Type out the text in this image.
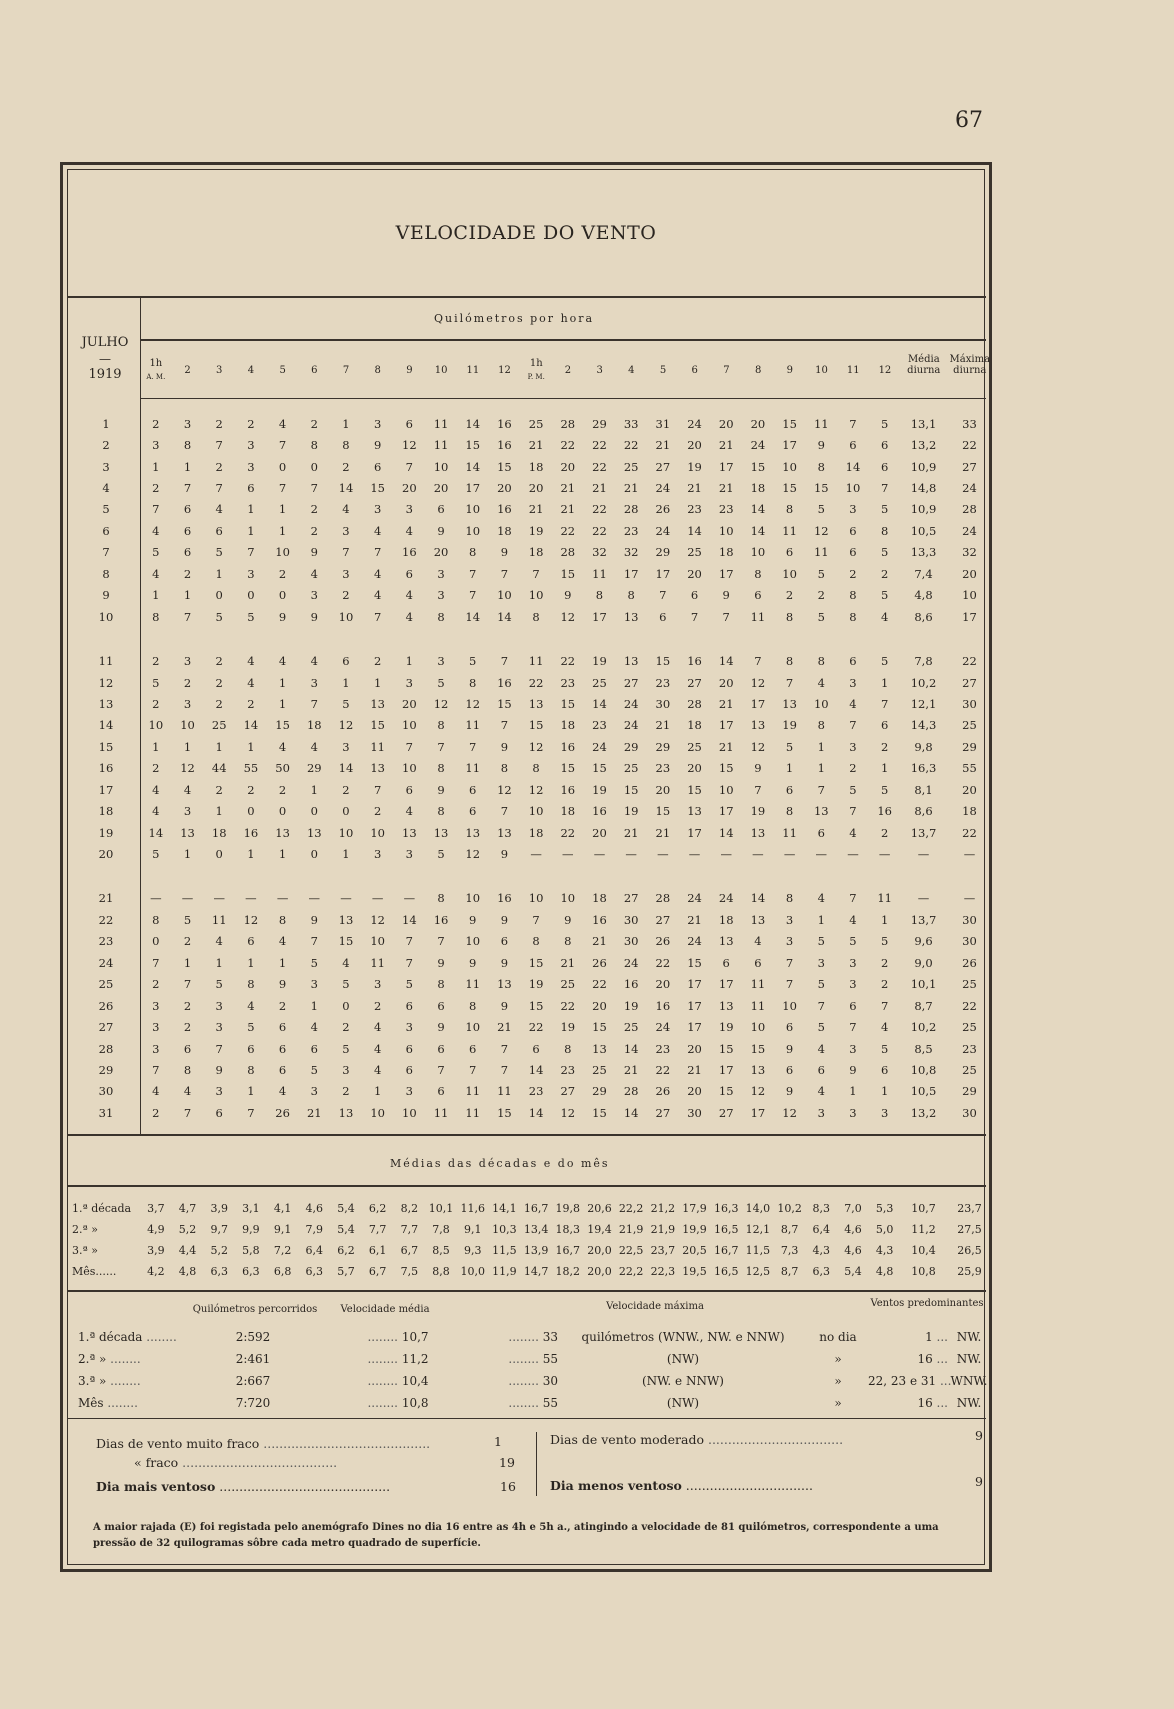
67
VELOCIDADE DO VENTO
JULHO
—
1919
Quilómetros por hora
1h
A. M.
2	3	4	5	6	7	8	9	10	11	12
1h
P. M.
2	3	4	5	6	7	8	9	10	11	12
Média diurna
Máxima diurna
1	2	3	2	2	4	2	1	3	6	11	14	16	25	28	29	33	31	24	20	20	15	11	7	5	13,1	33
2	3	8	7	3	7	8	8	9	12	11	15	16	21	22	22	22	21	20	21	24	17	9	6	6	13,2	22
3	1	1	2	3	0	0	2	6	7	10	14	15	18	20	22	25	27	19	17	15	10	8	14	6	10,9	27
4	2	7	7	6	7	7	14	15	20	20	17	20	20	21	21	21	24	21	21	18	15	15	10	7	14,8	24
5	7	6	4	1	1	2	4	3	3	6	10	16	21	21	22	28	26	23	23	14	8	5	3	5	10,9	28
6	4	6	6	1	1	2	3	4	4	9	10	18	19	22	22	23	24	14	10	14	11	12	6	8	10,5	24
7	5	6	5	7	10	9	7	7	16	20	8	9	18	28	32	32	29	25	18	10	6	11	6	5	13,3	32
8	4	2	1	3	2	4	3	4	6	3	7	7	7	15	11	17	17	20	17	8	10	5	2	2	7,4	20
9	1	1	0	0	0	3	2	4	4	3	7	10	10	9	8	8	7	6	9	6	2	2	8	5	4,8	10
10	8	7	5	5	9	9	10	7	4	8	14	14	8	12	17	13	6	7	7	11	8	5	8	4	8,6	17

11	2	3	2	4	4	4	6	2	1	3	5	7	11	22	19	13	15	16	14	7	8	8	6	5	7,8	22
12	5	2	2	4	1	3	1	1	3	5	8	16	22	23	25	27	23	27	20	12	7	4	3	1	10,2	27
13	2	3	2	2	1	7	5	13	20	12	12	15	13	15	14	24	30	28	21	17	13	10	4	7	12,1	30
14	10	10	25	14	15	18	12	15	10	8	11	7	15	18	23	24	21	18	17	13	19	8	7	6	14,3	25
15	1	1	1	1	4	4	3	11	7	7	7	9	12	16	24	29	29	25	21	12	5	1	3	2	9,8	29
16	2	12	44	55	50	29	14	13	10	8	11	8	8	15	15	25	23	20	15	9	1	1	2	1	16,3	55
17	4	4	2	2	2	1	2	7	6	9	6	12	12	16	19	15	20	15	10	7	6	7	5	5	8,1	20
18	4	3	1	0	0	0	0	2	4	8	6	7	10	18	16	19	15	13	17	19	8	13	7	16	8,6	18
19	14	13	18	16	13	13	10	10	13	13	13	13	18	22	20	21	21	17	14	13	11	6	4	2	13,7	22
20	5	1	0	1	1	0	1	3	3	5	12	9	—	—	—	—	—	—	—	—	—	—	—	—	—	—

21	—	—	—	—	—	—	—	—	—	8	10	16	10	10	18	27	28	24	24	14	8	4	7	11	—	—
22	8	5	11	12	8	9	13	12	14	16	9	9	7	9	16	30	27	21	18	13	3	1	4	1	13,7	30
23	0	2	4	6	4	7	15	10	7	7	10	6	8	8	21	30	26	24	13	4	3	5	5	5	9,6	30
24	7	1	1	1	1	5	4	11	7	9	9	9	15	21	26	24	22	15	6	6	7	3	3	2	9,0	26
25	2	7	5	8	9	3	5	3	5	8	11	13	19	25	22	16	20	17	17	11	7	5	3	2	10,1	25
26	3	2	3	4	2	1	0	2	6	6	8	9	15	22	20	19	16	17	13	11	10	7	6	7	8,7	22
27	3	2	3	5	6	4	2	4	3	9	10	21	22	19	15	25	24	17	19	10	6	5	7	4	10,2	25
28	3	6	7	6	6	6	5	4	6	6	6	7	6	8	13	14	23	20	15	15	9	4	3	5	8,5	23
29	7	8	9	8	6	5	3	4	6	7	7	7	14	23	25	21	22	21	17	13	6	6	9	6	10,8	25
30	4	4	3	1	4	3	2	1	3	6	11	11	23	27	29	28	26	20	15	12	9	4	1	1	10,5	29
31	2	7	6	7	26	21	13	10	10	11	11	15	14	12	15	14	27	30	27	17	12	3	3	3	13,2	30
Médias das décadas e do mês
1.ª década	3,7	4,7	3,9	3,1	4,1	4,6	5,4	6,2	8,2	10,1	11,6	14,1	16,7	19,8	20,6	22,2	21,2	17,9	16,3	14,0	10,2	8,3	7,0	5,3	10,7	23,7
2.ª »	4,9	5,2	9,7	9,9	9,1	7,9	5,4	7,7	7,7	7,8	9,1	10,3	13,4	18,3	19,4	21,9	21,9	19,9	16,5	12,1	8,7	6,4	4,6	5,0	11,2	27,5
3.ª »	3,9	4,4	5,2	5,8	7,2	6,4	6,2	6,1	6,7	8,5	9,3	11,5	13,9	16,7	20,0	22,5	23,7	20,5	16,7	11,5	7,3	4,3	4,6	4,3	10,4	26,5
Mês......	4,2	4,8	6,3	6,3	6,8	6,3	5,7	6,7	7,5	8,8	10,0	11,9	14,7	18,2	20,0	22,2	22,3	19,5	16,5	12,5	8,7	6,3	5,4	4,8	10,8	25,9
Quilómetros percorridos	Velocidade média	Velocidade máxima	Ventos predominantes
1.ª década ........	2:592	........ 10,7	........ 33	quilómetros (WNW., NW. e NNW)	no dia	1 ...	NW.
2.ª » ........	2:461	........ 11,2	........ 55	(NW)	»	16 ...	NW.
3.ª » ........	2:667	........ 10,4	........ 30	(NW. e NNW)	»	22, 23 e 31 ...	WNW.
Mês ........	7:720	........ 10,8	........ 55	(NW)	»	16 ...	NW.
Dias de vento muito fraco ..........................................	1
« fraco .......................................	19
Dia mais ventoso ...........................................	16
Dias de vento moderado ..................................	9
Dia menos ventoso ................................	9
A maior rajada (E) foi registada pelo anemógrafo Dines no dia 16 entre as 4h e 5h a., atingindo a velocidade de 81 quilómetros, correspondente a uma pressão de 32 quilogramas sôbre cada metro quadrado de superfície.
